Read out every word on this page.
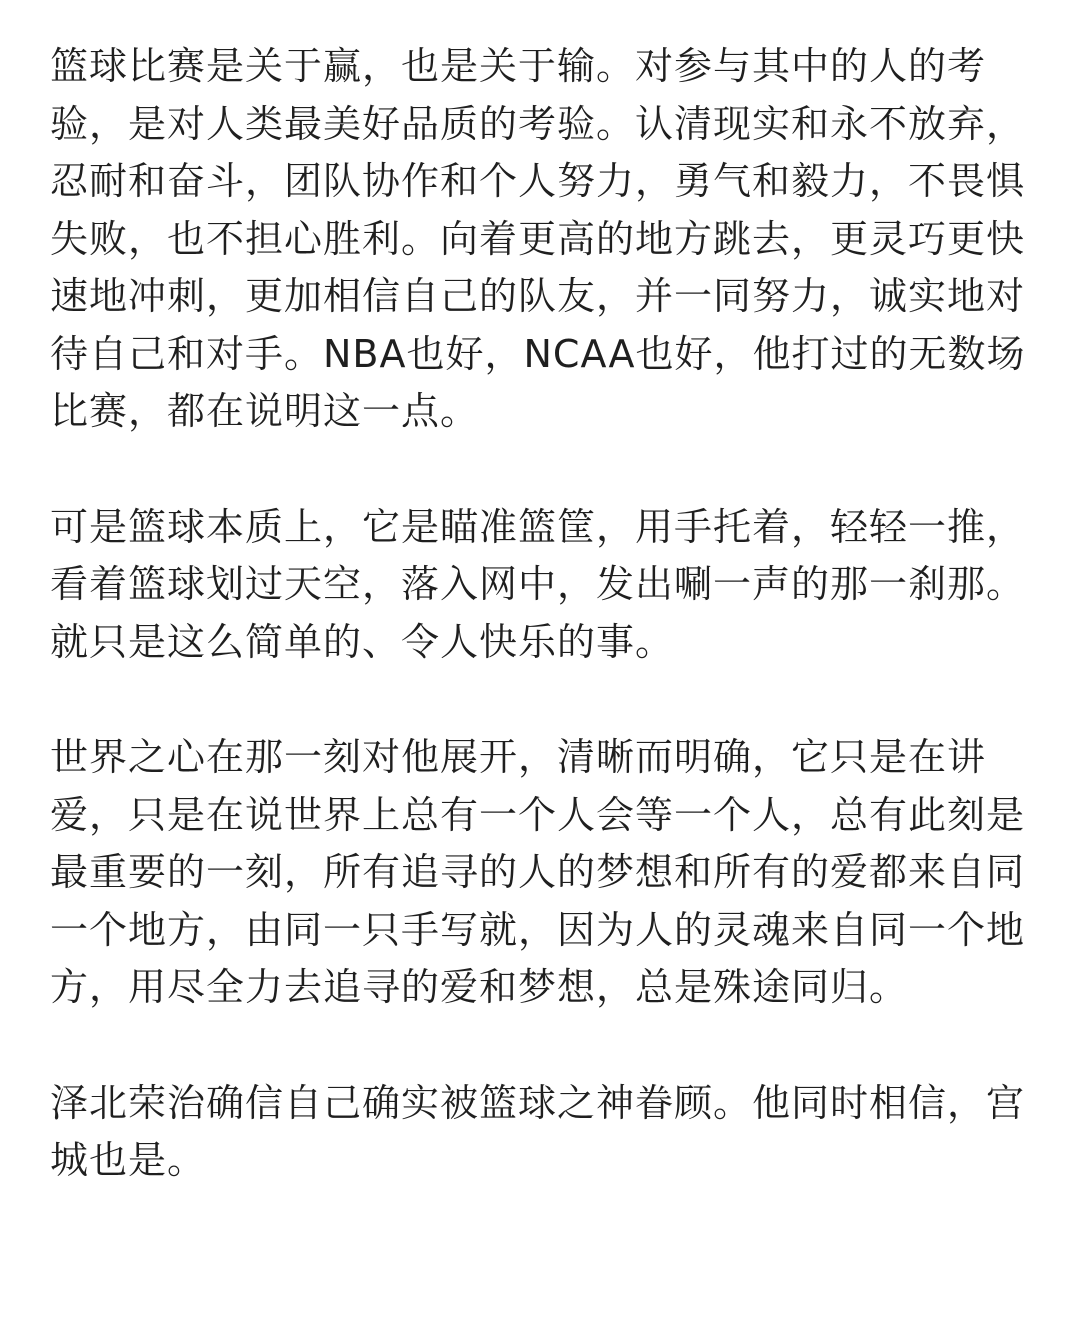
篮球比赛是关于赢，也是关于输。对参与其中的人的考验，是对人类最美好品质的考验。认清现实和永不放弃，忍耐和奋斗，团队协作和个人努力，勇气和毅力，不畏惧失败，也不担心胜利。向着更高的地方跳去，更灵巧更快速地冲刺，更加相信自己的队友，并一同努力，诚实地对待自己和对手。NBA也好，NCAA也好，他打过的无数场比赛，都在说明这一点。

可是篮球本质上，它是瞄准篮筐，用手托着，轻轻一推，看着篮球划过天空，落入网中，发出唰一声的那一刹那。就只是这么简单的、令人快乐的事。

世界之心在那一刻对他展开，清晰而明确，它只是在讲爱，只是在说世界上总有一个人会等一个人，总有此刻是最重要的一刻，所有追寻的人的梦想和所有的爱都来自同一个地方，由同一只手写就，因为人的灵魂来自同一个地方，用尽全力去追寻的爱和梦想，总是殊途同归。

泽北荣治确信自己确实被篮球之神眷顾。他同时相信，宫城也是。
